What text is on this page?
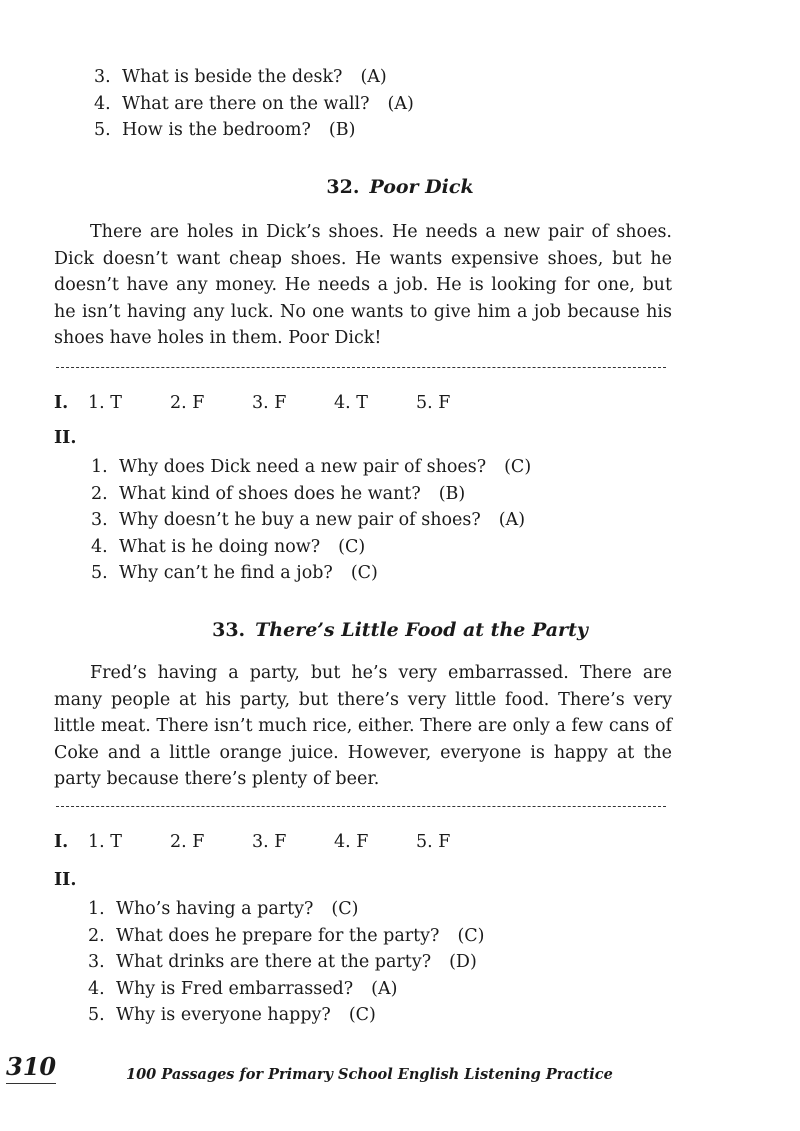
3. What is beside the desk? (A)
4. What are there on the wall? (A)
5. How is the bedroom? (B)
32. Poor Dick

There are holes in Dick’s shoes. He needs a new pair of shoes. Dick doesn’t want cheap shoes. He wants expensive shoes, but he doesn’t have any money. He needs a job. He is looking for one, but he isn’t having any luck. No one wants to give him a job because his shoes have holes in them. Poor Dick!

I. 1. T	2. F	3. F	4. T	5. F
II.
1. Why does Dick need a new pair of shoes? (C)
2. What kind of shoes does he want? (B)
3. Why doesn’t he buy a new pair of shoes? (A)
4. What is he doing now? (C)
5. Why can’t he find a job? (C)
33. There’s Little Food at the Party

Fred’s having a party, but he’s very embarrassed. There are many people at his party, but there’s very little food. There’s very little meat. There isn’t much rice, either. There are only a few cans of Coke and a little orange juice. However, everyone is happy at the party because there’s plenty of beer.

I. 1. T	2. F	3. F	4. F	5. F
II.
1. Who’s having a party? (C)
2. What does he prepare for the party? (C)
3. What drinks are there at the party? (D)
4. Why is Fred embarrassed? (A)
5. Why is everyone happy? (C)
310	100 Passages for Primary School English Listening Practice
